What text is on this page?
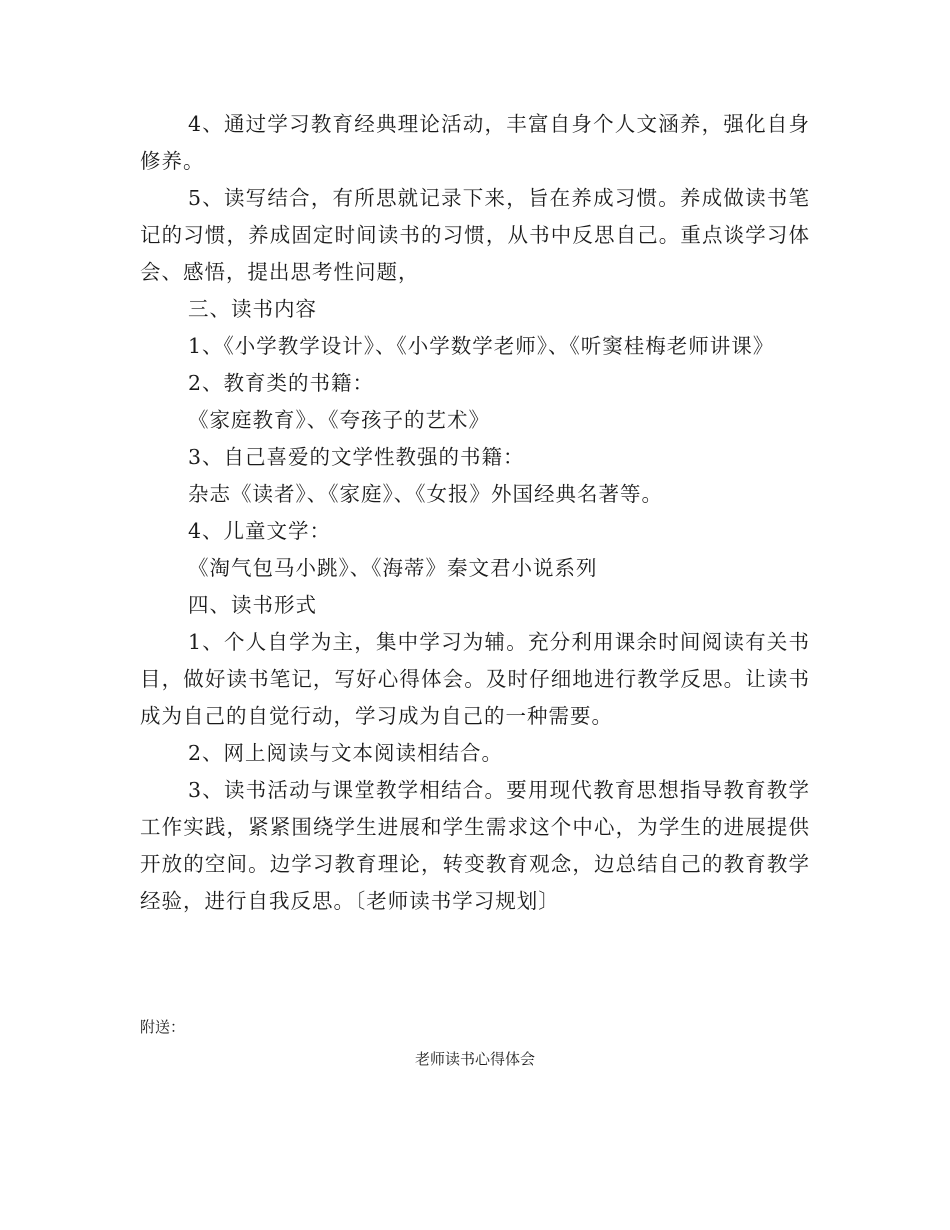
4、通过学习教育经典理论活动，丰富自身个人文涵养，强化自身修养。

5、读写结合，有所思就记录下来，旨在养成习惯。养成做读书笔记的习惯，养成固定时间读书的习惯，从书中反思自己。重点谈学习体会、感悟，提出思考性问题，

三、读书内容

1、《小学教学设计》、《小学数学老师》、《听窦桂梅老师讲课》

2、教育类的书籍：

《家庭教育》、《夸孩子的艺术》

3、自己喜爱的文学性教强的书籍：

杂志《读者》、《家庭》、《女报》外国经典名著等。

4、儿童文学：

《淘气包马小跳》、《海蒂》秦文君小说系列

四、读书形式

1、个人自学为主，集中学习为辅。充分利用课余时间阅读有关书目，做好读书笔记，写好心得体会。及时仔细地进行教学反思。让读书成为自己的自觉行动，学习成为自己的一种需要。

2、网上阅读与文本阅读相结合。

3、读书活动与课堂教学相结合。要用现代教育思想指导教育教学工作实践，紧紧围绕学生进展和学生需求这个中心，为学生的进展提供开放的空间。边学习教育理论，转变教育观念，边总结自己的教育教学经验，进行自我反思。〔老师读书学习规划〕

附送：

老师读书心得体会
